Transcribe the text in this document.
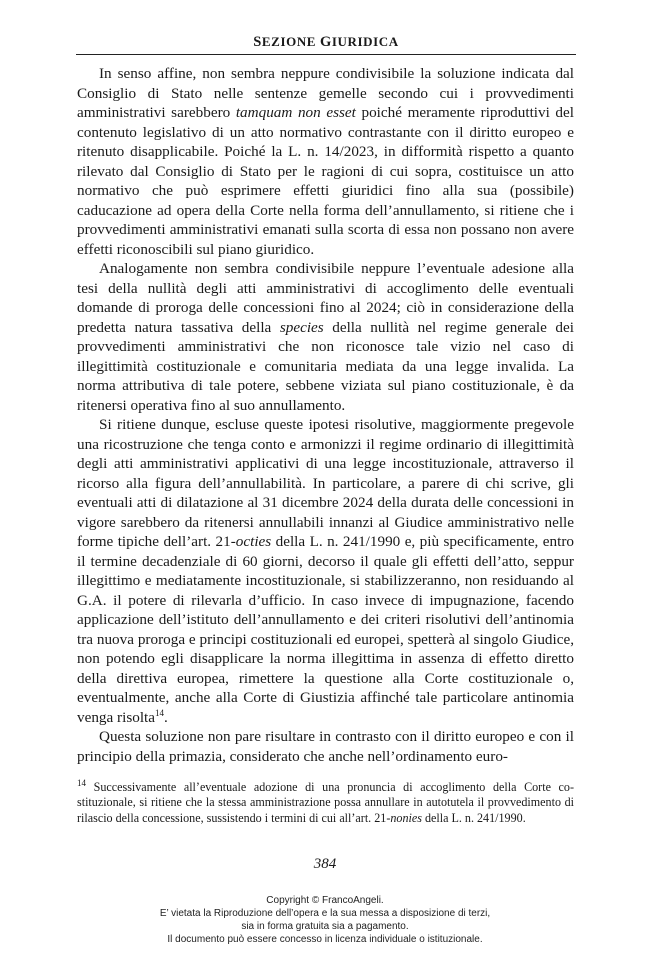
SEZIONE GIURIDICA

In senso affine, non sembra neppure condivisibile la soluzione indicata dal Consiglio di Stato nelle sentenze gemelle secondo cui i provvedimenti amministrativi sarebbero tamquam non esset poiché meramente riproduttivi del contenuto legislativo di un atto normativo contrastante con il diritto europeo e ritenuto disapplicabile. Poiché la L. n. 14/2023, in difformità rispetto a quanto rilevato dal Consiglio di Stato per le ragioni di cui sopra, costituisce un atto normativo che può esprimere effetti giuridici fino alla sua (possibile) caducazione ad opera della Corte nella forma dell’annullamento, si ritiene che i provvedimenti amministrativi emanati sulla scorta di essa non possano non avere effetti riconoscibili sul piano giuridico.

Analogamente non sembra condivisibile neppure l’eventuale adesione alla tesi della nullità degli atti amministrativi di accoglimento delle eventuali domande di proroga delle concessioni fino al 2024; ciò in considerazione della predetta natura tassativa della species della nullità nel regime generale dei provvedimenti amministrativi che non riconosce tale vizio nel caso di illegittimità costituzionale e comunitaria mediata da una legge invalida. La norma attributiva di tale potere, sebbene viziata sul piano costituzionale, è da ritenersi operativa fino al suo annullamento.

Si ritiene dunque, escluse queste ipotesi risolutive, maggiormente pregevole una ricostruzione che tenga conto e armonizzi il regime ordinario di illegittimità degli atti amministrativi applicativi di una legge incostituzionale, attraverso il ricorso alla figura dell’annullabilità. In particolare, a parere di chi scrive, gli eventuali atti di dilatazione al 31 dicembre 2024 della durata delle concessioni in vigore sarebbero da ritenersi annullabili innanzi al Giudice amministrativo nelle forme tipiche dell’art. 21-octies della L. n. 241/1990 e, più specificamente, entro il termine decadenziale di 60 giorni, decorso il quale gli effetti dell’atto, seppur illegittimo e mediatamente incostituzionale, si stabilizzeranno, non residuando al G.A. il potere di rilevarla d’ufficio. In caso invece di impugnazione, facendo applicazione dell’istituto dell’annullamento e dei criteri risolutivi dell’antinomia tra nuova proroga e principi costituzionali ed europei, spetterà al singolo Giudice, non potendo egli disapplicare la norma illegittima in assenza di effetto diretto della direttiva europea, rimettere la questione alla Corte costituzionale o, eventualmente, anche alla Corte di Giustizia affinché tale particolare antinomia venga risolta$^{14}$.

Questa soluzione non pare risultare in contrasto con il diritto europeo e con il principio della primazia, considerato che anche nell’ordinamento euro-

$^{14}$ Successivamente all’eventuale adozione di una pronuncia di accoglimento della Corte costituzionale, si ritiene che la stessa amministrazione possa annullare in autotutela il provvedimento di rilascio della concessione, sussistendo i termini di cui all’art. 21-nonies della L. n. 241/1990.

384
Copyright © FrancoAngeli.
E’ vietata la Riproduzione dell’opera e la sua messa a disposizione di terzi,
sia in forma gratuita sia a pagamento.
Il documento può essere concesso in licenza individuale o istituzionale.
